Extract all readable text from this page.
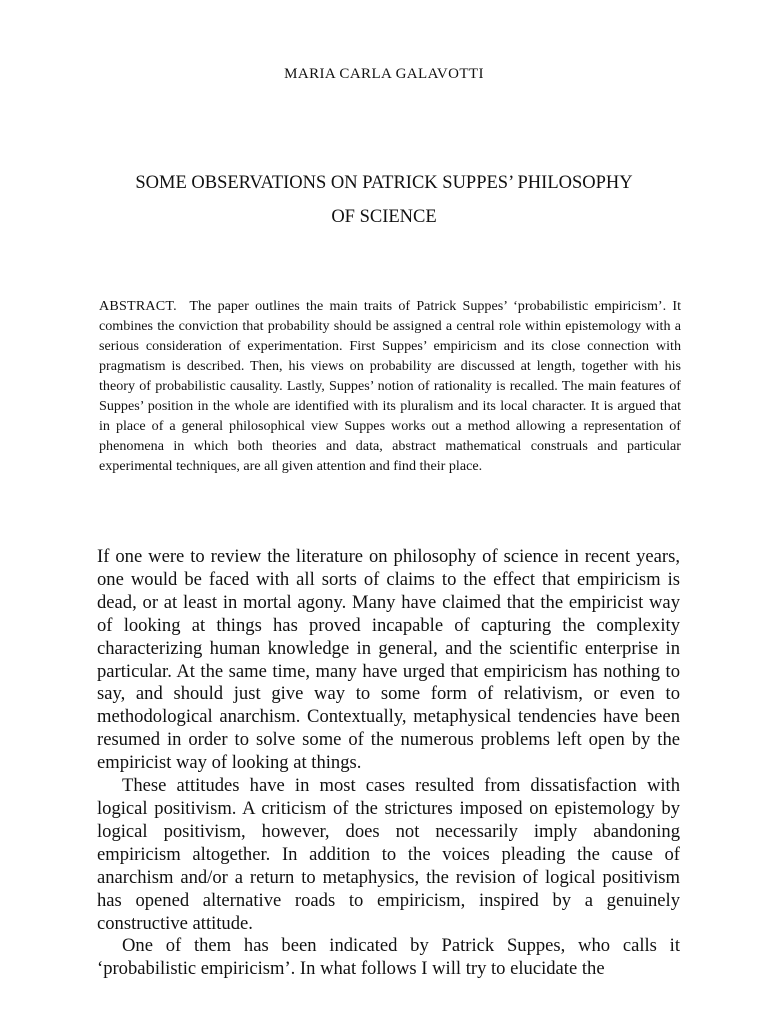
MARIA CARLA GALAVOTTI
SOME OBSERVATIONS ON PATRICK SUPPES’ PHILOSOPHY
OF SCIENCE
ABSTRACT. The paper outlines the main traits of Patrick Suppes’ ‘probabilistic empiricism’. It combines the conviction that probability should be assigned a central role within epistemology with a serious consideration of experimentation. First Suppes’ empiricism and its close connection with pragmatism is described. Then, his views on probability are discussed at length, together with his theory of probabilistic causality. Lastly, Suppes’ notion of rationality is recalled. The main features of Suppes’ position in the whole are identified with its pluralism and its local character. It is argued that in place of a general philosophical view Suppes works out a method allowing a representation of phenomena in which both theories and data, abstract mathematical construals and particular experimental techniques, are all given attention and find their place.

If one were to review the literature on philosophy of science in recent years, one would be faced with all sorts of claims to the effect that empiricism is dead, or at least in mortal agony. Many have claimed that the empiricist way of looking at things has proved incapable of capturing the complexity characterizing human knowledge in general, and the scientific enterprise in particular. At the same time, many have urged that empiricism has nothing to say, and should just give way to some form of relativism, or even to methodological anarchism. Contextually, metaphysical tendencies have been resumed in order to solve some of the numerous problems left open by the empiricist way of looking at things.

These attitudes have in most cases resulted from dissatisfaction with logical positivism. A criticism of the strictures imposed on epistemology by logical positivism, however, does not necessarily imply abandoning empiricism altogether. In addition to the voices pleading the cause of anarchism and/or a return to metaphysics, the revision of logical positivism has opened alternative roads to empiricism, inspired by a genuinely constructive attitude.

One of them has been indicated by Patrick Suppes, who calls it ‘probabilistic empiricism’. In what follows I will try to elucidate the
